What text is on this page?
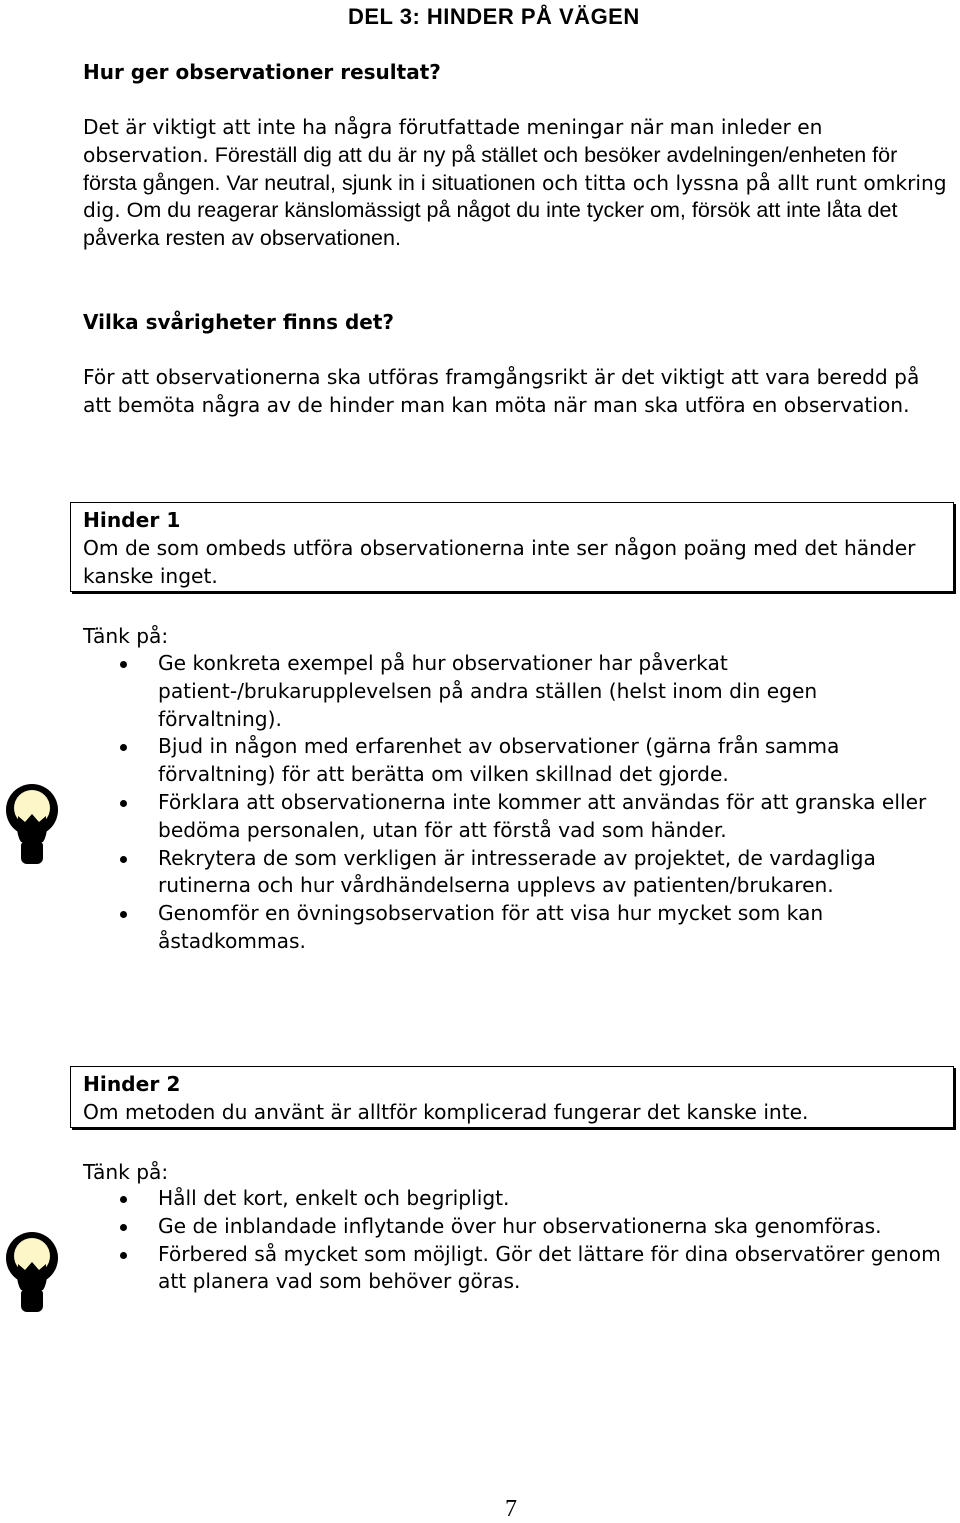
DEL 3: HINDER PÅ VÄGEN
Hur ger observationer resultat?
Det är viktigt att inte ha några förutfattade meningar när man inleder en observation. Föreställ dig att du är ny på stället och besöker avdelningen/enheten för första gången. Var neutral, sjunk in i situationen och titta och lyssna på allt runt omkring dig. Om du reagerar känslomässigt på något du inte tycker om, försök att inte låta det påverka resten av observationen.
Vilka svårigheter finns det?
För att observationerna ska utföras framgångsrikt är det viktigt att vara beredd på att bemöta några av de hinder man kan möta när man ska utföra en observation.
Hinder 1
Om de som ombeds utföra observationerna inte ser någon poäng med det händer kanske inget.
Tänk på:
Ge konkreta exempel på hur observationer har påverkat patient-/brukarupplevelsen på andra ställen (helst inom din egen förvaltning).
Bjud in någon med erfarenhet av observationer (gärna från samma förvaltning) för att berätta om vilken skillnad det gjorde.
Förklara att observationerna inte kommer att användas för att granska eller bedöma personalen, utan för att förstå vad som händer.
Rekrytera de som verkligen är intresserade av projektet, de vardagliga rutinerna och hur vårdhändelserna upplevs av patienten/brukaren.
Genomför en övningsobservation för att visa hur mycket som kan åstadkommas.
Hinder 2
Om metoden du använt är alltför komplicerad fungerar det kanske inte.
Tänk på:
Håll det kort, enkelt och begripligt.
Ge de inblandade inflytande över hur observationerna ska genomföras.
Förbered så mycket som möjligt. Gör det lättare för dina observatörer genom att planera vad som behöver göras.
7
